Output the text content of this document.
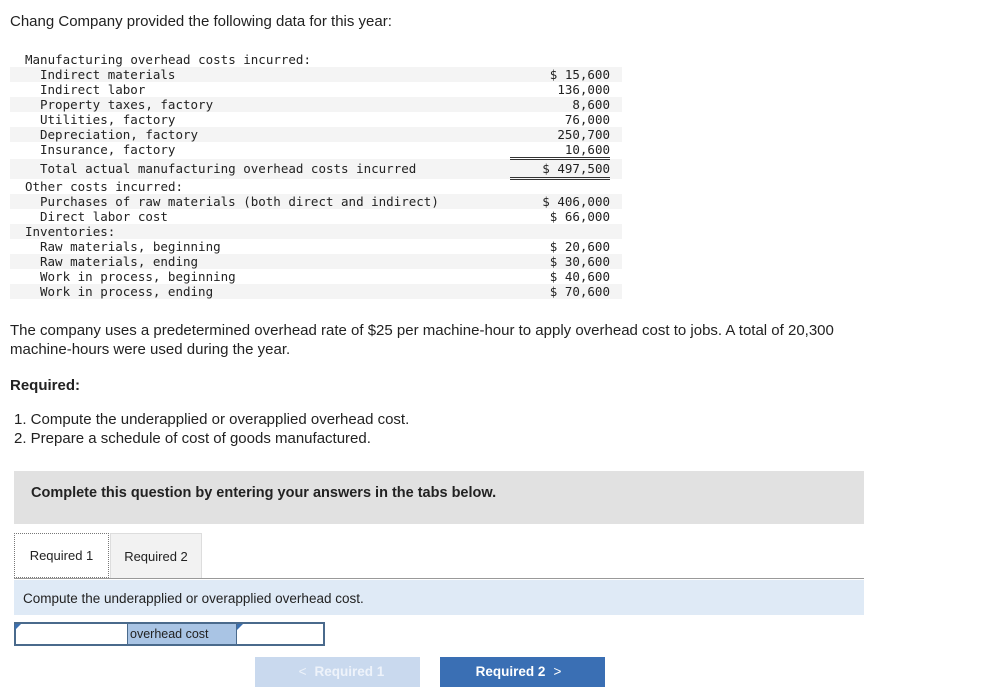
Chang Company provided the following data for this year:
Manufacturing overhead costs incurred:
Indirect materials	$ 15,600
Indirect labor	136,000
Property taxes, factory	8,600
Utilities, factory	76,000
Depreciation, factory	250,700
Insurance, factory	10,600
Total actual manufacturing overhead costs incurred	$ 497,500
Other costs incurred:
Purchases of raw materials (both direct and indirect)	$ 406,000
Direct labor cost	$ 66,000
Inventories:
Raw materials, beginning	$ 20,600
Raw materials, ending	$ 30,600
Work in process, beginning	$ 40,600
Work in process, ending	$ 70,600
The company uses a predetermined overhead rate of $25 per machine-hour to apply overhead cost to jobs. A total of 20,300
machine-hours were used during the year.
Required:
1. Compute the underapplied or overapplied overhead cost.
2. Prepare a schedule of cost of goods manufactured.
Complete this question by entering your answers in the tabs below.
Required 1	Required 2
Compute the underapplied or overapplied overhead cost.
overhead cost
< Required 1	Required 2 >
